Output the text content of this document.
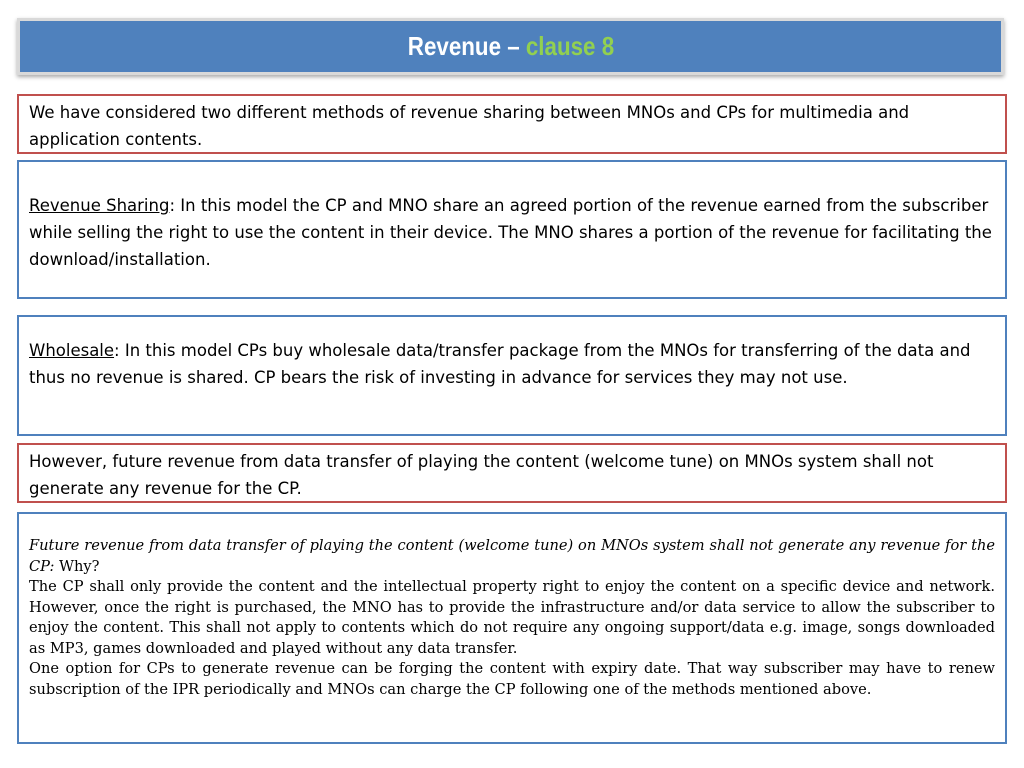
Revenue – clause 8
We have considered two different methods of revenue sharing between MNOs and CPs for multimedia and application contents.
Revenue Sharing: In this model the CP and MNO share an agreed portion of the revenue earned from the subscriber while selling the right to use the content in their device. The MNO shares a portion of the revenue for facilitating the download/installation.
Wholesale: In this model CPs buy wholesale data/transfer package from the MNOs for transferring of the data and thus no revenue is shared. CP bears the risk of investing in advance for services they may not use.
However, future revenue from data transfer of playing the content (welcome tune) on MNOs system shall not generate any revenue for the CP.

Future revenue from data transfer of playing the content (welcome tune) on MNOs system shall not generate any revenue for the CP: Why?

The CP shall only provide the content and the intellectual property right to enjoy the content on a specific device and network. However, once the right is purchased, the MNO has to provide the infrastructure and/or data service to allow the subscriber to enjoy the content. This shall not apply to contents which do not require any ongoing support/data e.g. image, songs downloaded as MP3, games downloaded and played without any data transfer.

One option for CPs to generate revenue can be forging the content with expiry date. That way subscriber may have to renew subscription of the IPR periodically and MNOs can charge the CP following one of the methods mentioned above.
